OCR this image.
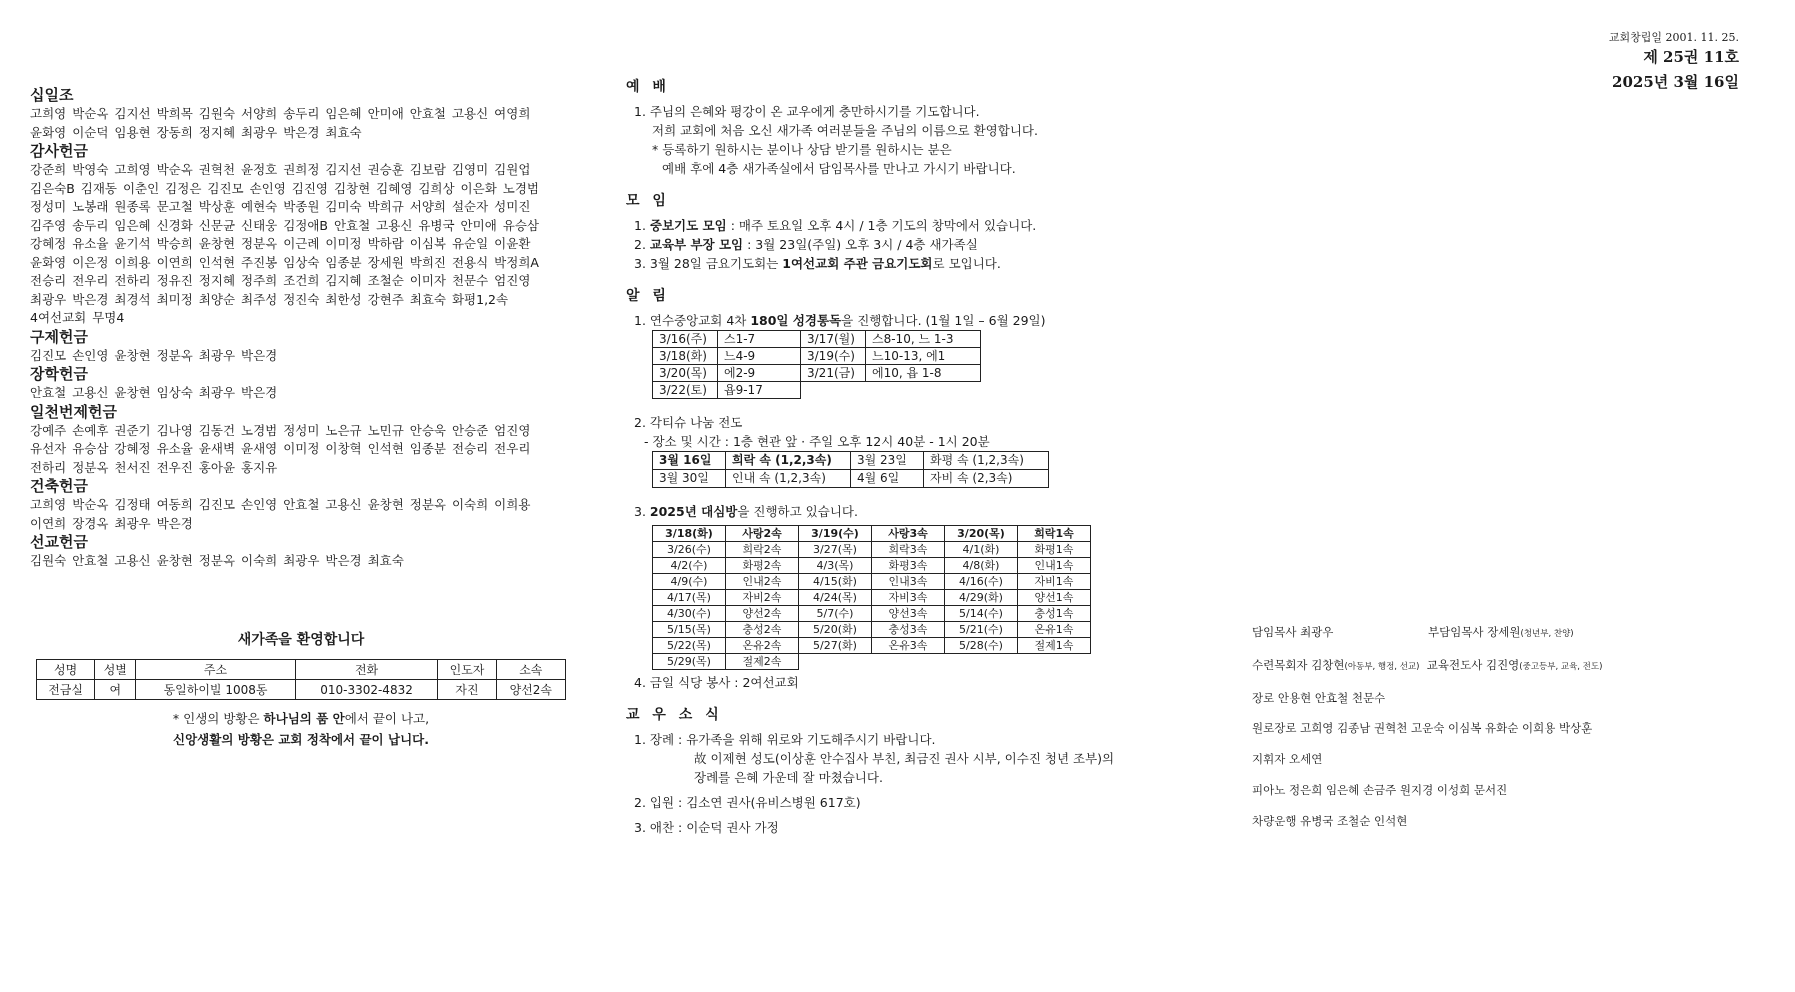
교회창립일 2001. 11. 25.
제 25권 11호
2025년 3월 16일
십일조
고희영 박순옥 김지선 박희목 김원숙 서양희 송두리 임은혜 안미애 안효철 고용신 여영희
윤화영 이순덕 임용현 장동희 정지혜 최광우 박은경 최효숙
감사헌금
강준희 박영숙 고희영 박순옥 권혁천 윤정호 권희정 김지선 권승훈 김보람 김영미 김원업
김은숙B 김재동 이춘인 김정은 김진모 손인영 김진영 김창현 김혜영 김희상 이은화 노경범
정성미 노봉래 원종록 문고철 박상훈 예현숙 박종원 김미숙 박희규 서양희 설순자 성미진
김주영 송두리 임은혜 신경화 신문균 신태웅 김정애B 안효철 고용신 유병국 안미애 유승삼
강혜정 유소율 윤기석 박승희 윤창현 정분옥 이근례 이미정 박하람 이심복 유순일 이윤환
윤화영 이은정 이희용 이연희 인석현 주진봉 임상숙 임종분 장세원 박희진 전용식 박정희A
전승리 전우리 전하리 정유진 정지혜 정주희 조건희 김지혜 조철순 이미자 천문수 엄진영
최광우 박은경 최경석 최미정 최양순 최주성 정진숙 최한성 강현주 최효숙 화평1,2속
4여선교회 무명4
구제헌금
김진모 손인영 윤창현 정분옥 최광우 박은경
장학헌금
안효철 고용신 윤창현 임상숙 최광우 박은경
일천번제헌금
강예주 손예후 권준기 김나영 김동건 노경범 정성미 노은규 노민규 안승욱 안승준 엄진영
유선자 유승삼 강혜정 유소율 윤새벽 윤새영 이미정 이창혁 인석현 임종분 전승리 전우리
전하리 정분옥 천서진 전우진 홍아윤 홍지유
건축헌금
고희영 박순옥 김정태 여동희 김진모 손인영 안효철 고용신 윤창현 정분옥 이숙희 이희용
이연희 장경옥 최광우 박은경
선교헌금
김원숙 안효철 고용신 윤창현 정분옥 이숙희 최광우 박은경 최효숙
새가족을 환영합니다
성명	성별	주소	전화	인도자	소속
전금실	여	동일하이빌 1008동	010-3302-4832	자진	양선2속
* 인생의 방황은 하나님의 품 안에서 끝이 나고,
신앙생활의 방황은 교회 정착에서 끝이 납니다.
예 배
1. 주님의 은혜와 평강이 온 교우에게 충만하시기를 기도합니다.
저희 교회에 처음 오신 새가족 여러분들을 주님의 이름으로 환영합니다.
* 등록하기 원하시는 분이나 상담 받기를 원하시는 분은
예배 후에 4층 새가족실에서 담임목사를 만나고 가시기 바랍니다.
모 임
1. 중보기도 모임 : 매주 토요일 오후 4시 / 1층 기도의 창막에서 있습니다.
2. 교육부 부장 모임 : 3월 23일(주일) 오후 3시 / 4층 새가족실
3. 3월 28일 금요기도회는 1여선교회 주관 금요기도회로 모입니다.
알 림
1. 연수중앙교회 4차 180일 성경통독을 진행합니다. (1월 1일 – 6월 29일)
3/16(주)	스1-7	3/17(월)	스8-10, 느 1-3
3/18(화)	느4-9	3/19(수)	느10-13, 에1
3/20(목)	에2-9	3/21(금)	에10, 욥 1-8
3/22(토)	욥9-17		
2. 각티슈 나눔 전도
- 장소 및 시간 : 1층 현관 앞 · 주일 오후 12시 40분 - 1시 20분
3월 16일	희락 속 (1,2,3속)	3월 23일	화평 속 (1,2,3속)
3월 30일	인내 속 (1,2,3속)	4월 6일	자비 속 (2,3속)
3. 2025년 대심방을 진행하고 있습니다.
3/18(화)	사랑2속	3/19(수)	사랑3속	3/20(목)	희락1속
3/26(수)	희락2속	3/27(목)	희락3속	4/1(화)	화평1속
4/2(수)	화평2속	4/3(목)	화평3속	4/8(화)	인내1속
4/9(수)	인내2속	4/15(화)	인내3속	4/16(수)	자비1속
4/17(목)	자비2속	4/24(목)	자비3속	4/29(화)	양선1속
4/30(수)	양선2속	5/7(수)	양선3속	5/14(수)	충성1속
5/15(목)	충성2속	5/20(화)	충성3속	5/21(수)	온유1속
5/22(목)	온유2속	5/27(화)	온유3속	5/28(수)	절제1속
5/29(목)	절제2속				
4. 금일 식당 봉사 : 2여선교회
교 우 소 식
1. 장례 : 유가족을 위해 위로와 기도해주시기 바랍니다.
故 이제현 성도(이상훈 안수집사 부친, 최금진 권사 시부, 이수진 청년 조부)의
장례를 은혜 가운데 잘 마쳤습니다.
2. 입원 : 김소연 권사(유비스병원 617호)
3. 애찬 : 이순덕 권사 가정
담임목사 최광우	부담임목사 장세원(청년부, 찬양)
수련목회자 김창현(아동부, 행정, 선교) 교육전도사 김진영(중고등부, 교육, 전도)
장로 안용현 안효철 천문수
원로장로 고희영 김종남 권혁천 고운숙 이심복 유화순 이희용 박상훈
지휘자 오세연
피아노 정은희 임은혜 손금주 원지경 이성희 문서진
차량운행 유병국 조철순 인석현
